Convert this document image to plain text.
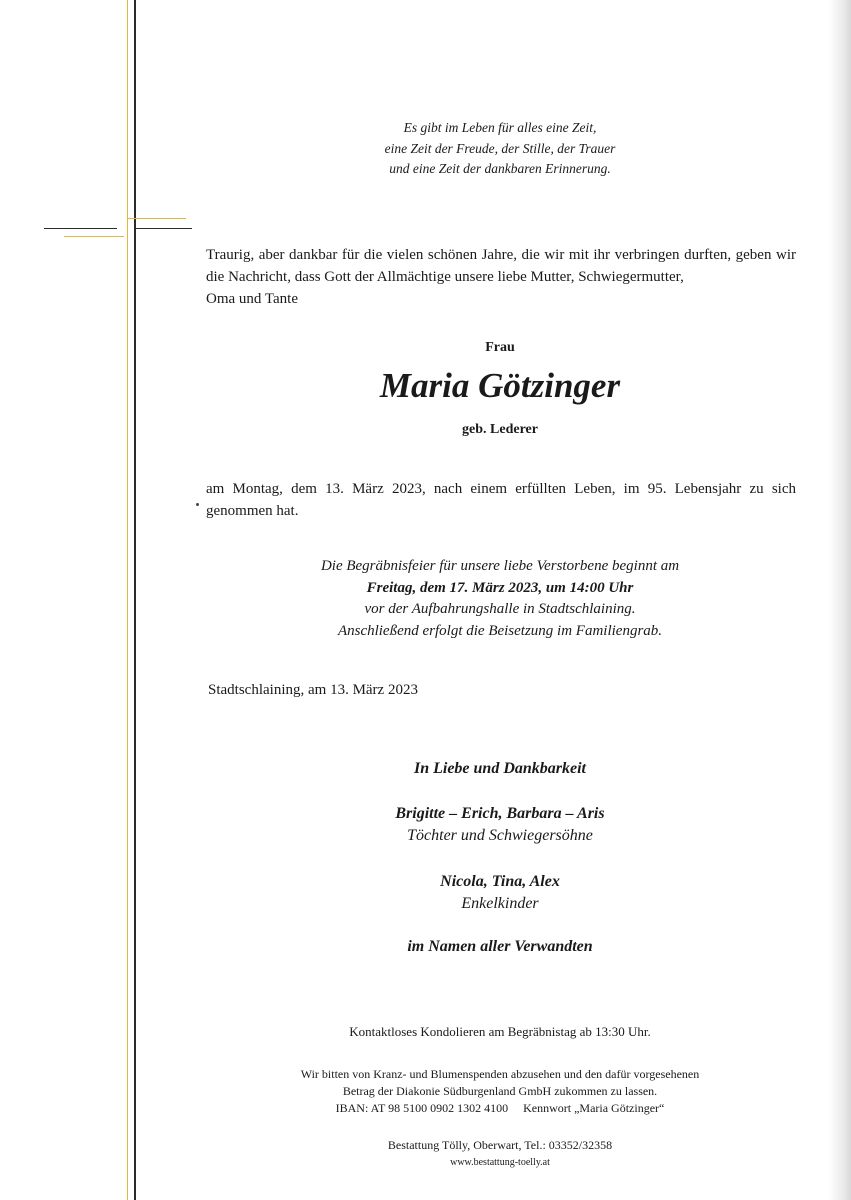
Es gibt im Leben für alles eine Zeit,
eine Zeit der Freude, der Stille, der Trauer
und eine Zeit der dankbaren Erinnerung.
Traurig, aber dankbar für die vielen schönen Jahre, die wir mit ihr verbringen durften, geben wir die Nachricht, dass Gott der Allmächtige unsere liebe Mutter, Schwiegermutter,
Oma und Tante
Frau
Maria Götzinger
geb. Lederer
am Montag, dem 13. März 2023, nach einem erfüllten Leben, im 95. Lebensjahr zu sich genommen hat.
Die Begräbnisfeier für unsere liebe Verstorbene beginnt am
Freitag, dem 17. März 2023, um 14:00 Uhr
vor der Aufbahrungshalle in Stadtschlaining.
Anschließend erfolgt die Beisetzung im Familiengrab.
Stadtschlaining, am 13. März 2023
In Liebe und Dankbarkeit
Brigitte – Erich, Barbara – Aris
Töchter und Schwiegersöhne
Nicola, Tina, Alex
Enkelkinder
im Namen aller Verwandten
Kontaktloses Kondolieren am Begräbnistag ab 13:30 Uhr.
Wir bitten von Kranz- und Blumenspenden abzusehen und den dafür vorgesehenen
Betrag der Diakonie Südburgenland GmbH zukommen zu lassen.
IBAN: AT 98 5100 0902 1302 4100     Kennwort „Maria Götzinger“
Bestattung Tölly, Oberwart, Tel.: 03352/32358
www.bestattung-toelly.at
